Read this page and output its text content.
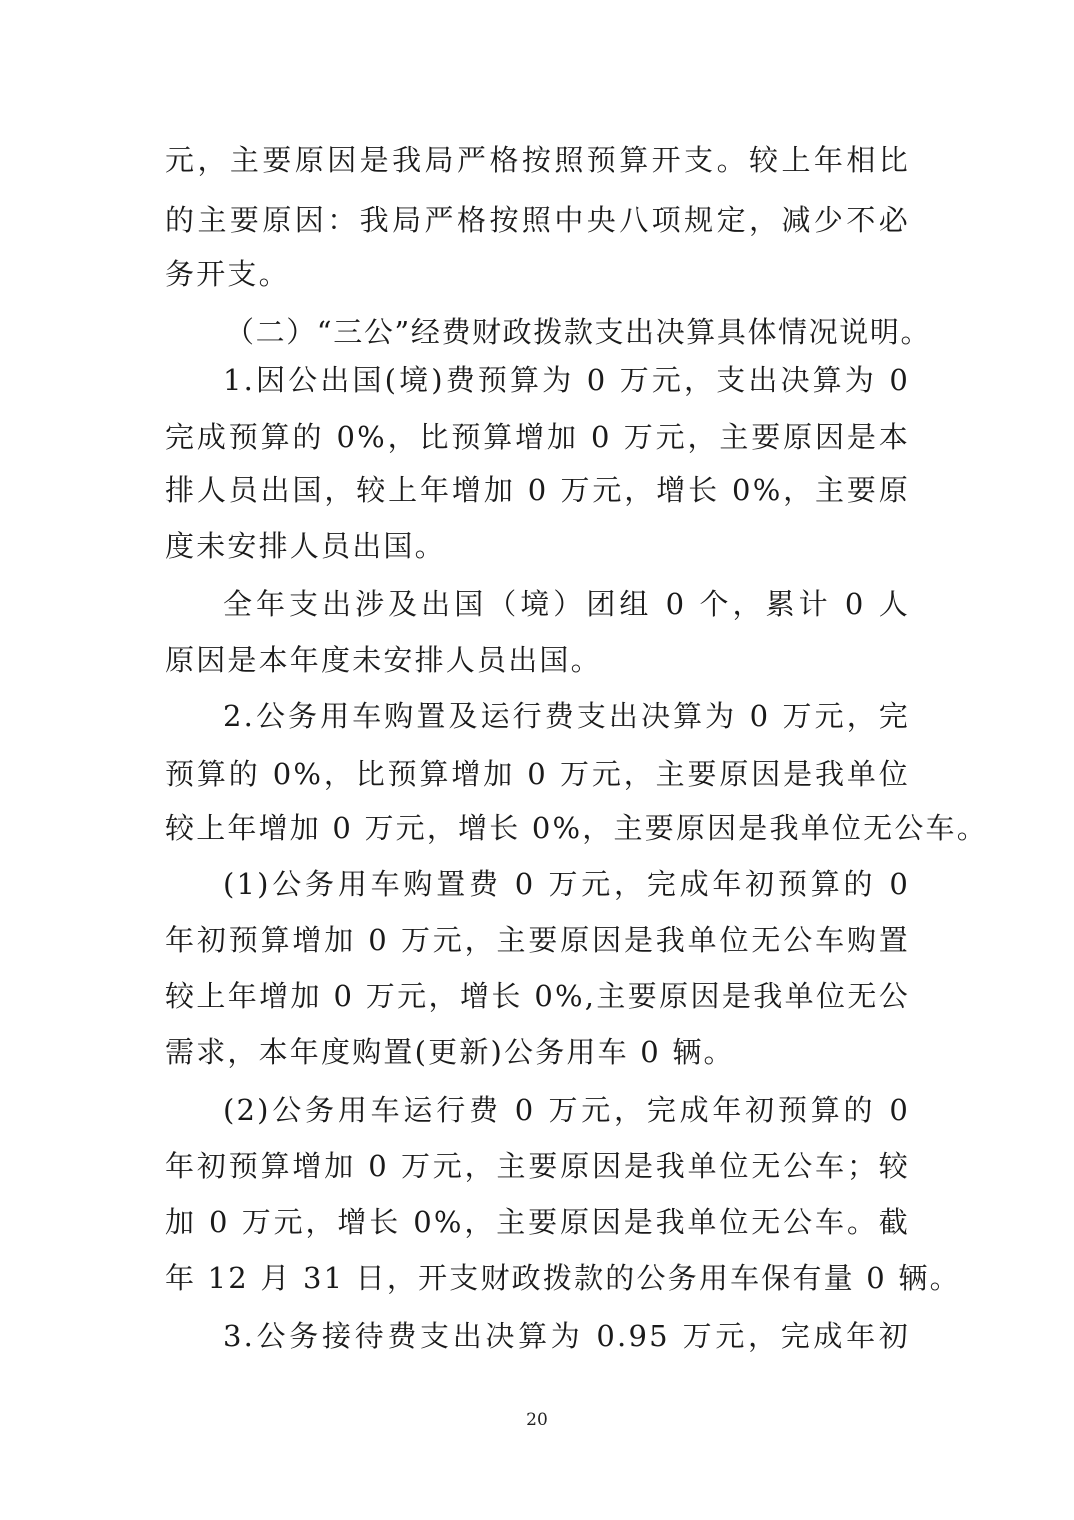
元，主要原因是我局严格按照预算开支。较上年相比
的主要原因：我局严格按照中央八项规定，减少不必
务开支。
（二）“三公”经费财政拨款支出决算具体情况说明。
1.因公出国(境)费预算为 0 万元，支出决算为 0
完成预算的 0%，比预算增加 0 万元，主要原因是本
排人员出国，较上年增加 0 万元，增长 0%，主要原
度未安排人员出国。
全年支出涉及出国（境）团组 0 个，累计 0 人
原因是本年度未安排人员出国。
2.公务用车购置及运行费支出决算为 0 万元，完
预算的 0%，比预算增加 0 万元，主要原因是我单位
较上年增加 0 万元，增长 0%，主要原因是我单位无公车。
(1)公务用车购置费 0 万元，完成年初预算的 0
年初预算增加 0 万元，主要原因是我单位无公车购置
较上年增加 0 万元，增长 0%,主要原因是我单位无公
需求，本年度购置(更新)公务用车 0 辆。
(2)公务用车运行费 0 万元，完成年初预算的 0
年初预算增加 0 万元，主要原因是我单位无公车；较
加 0 万元，增长 0%，主要原因是我单位无公车。截
年 12 月 31 日，开支财政拨款的公务用车保有量 0 辆。
3.公务接待费支出决算为 0.95 万元，完成年初
20
